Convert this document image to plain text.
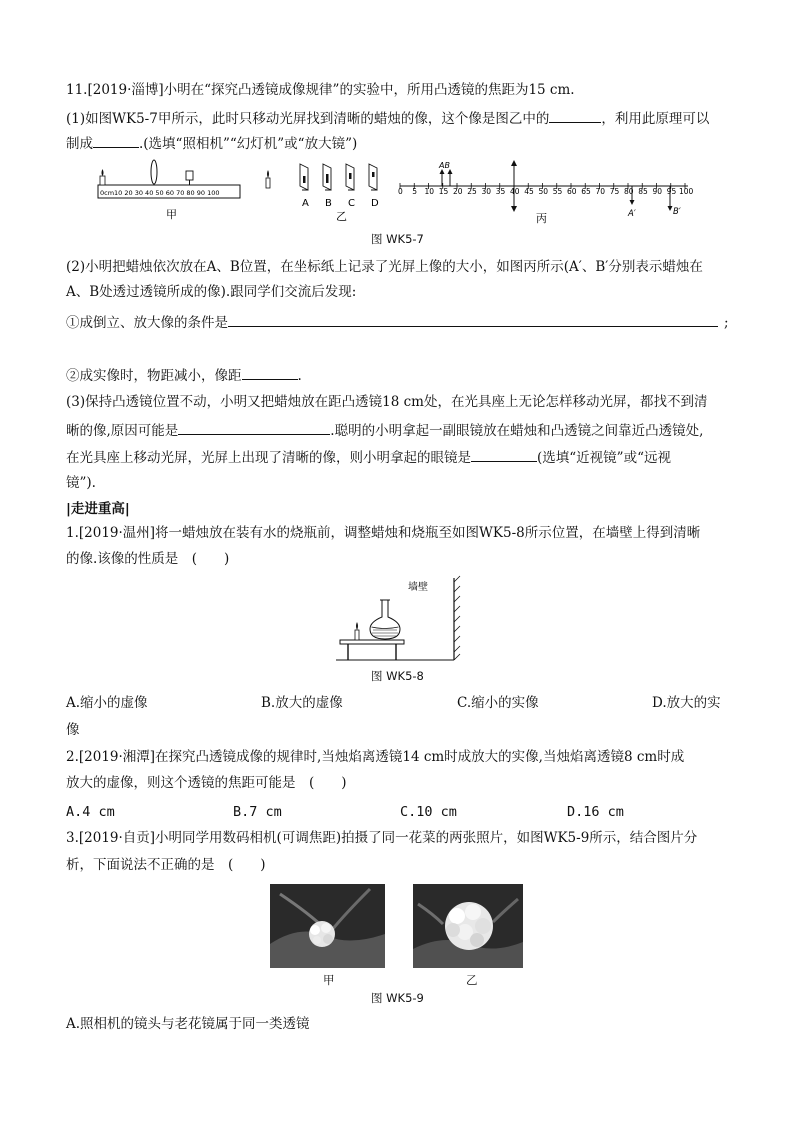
11.[2019·淄博]小明在“探究凸透镜成像规律”的实验中，所用凸透镜的焦距为15 cm.
(1)如图WK5-7甲所示，此时只移动光屏找到清晰的蜡烛的像，这个像是图乙中的	，利用此原理可以
制成	.(选填“照相机”“幻灯机”或“放大镜”)
0cm10 20 30 40 50 60 70 80 90 100
甲
A B C D
乙
0 5 10 15 20 25 30 35 40 45 50 55 60 65 70 75 80 85 90 95 100
AB
A′	B′
丙
图 WK5-7
(2)小明把蜡烛依次放在A、B位置，在坐标纸上记录了光屏上像的大小，如图丙所示(A′、B′分别表示蜡烛在
A、B处透过透镜所成的像).跟同学们交流后发现:
①成倒立、放大像的条件是	;
②成实像时，物距减小，像距	.
(3)保持凸透镜位置不动，小明又把蜡烛放在距凸透镜18 cm处，在光具座上无论怎样移动光屏，都找不到清
晰的像,原因可能是	.聪明的小明拿起一副眼镜放在蜡烛和凸透镜之间靠近凸透镜处,
在光具座上移动光屏，光屏上出现了清晰的像，则小明拿起的眼镜是	(选填“近视镜”或“远视
镜”).
|走进重高|
1.[2019·温州]将一蜡烛放在装有水的烧瓶前，调整蜡烛和烧瓶至如图WK5-8所示位置，在墙壁上得到清晰
的像.该像的性质是　(　　)
墙壁
图 WK5-8
A.缩小的虚像	B.放大的虚像	C.缩小的实像	D.放大的实
像
2.[2019·湘潭]在探究凸透镜成像的规律时,当烛焰离透镜14 cm时成放大的实像,当烛焰离透镜8 cm时成
放大的虚像，则这个透镜的焦距可能是　(　　)
A.4 cm	B.7 cm	C.10 cm	D.16 cm
3.[2019·自贡]小明同学用数码相机(可调焦距)拍摄了同一花菜的两张照片，如图WK5-9所示，结合图片分
析，下面说法不正确的是　(　　)
甲	乙
图 WK5-9
A.照相机的镜头与老花镜属于同一类透镜
